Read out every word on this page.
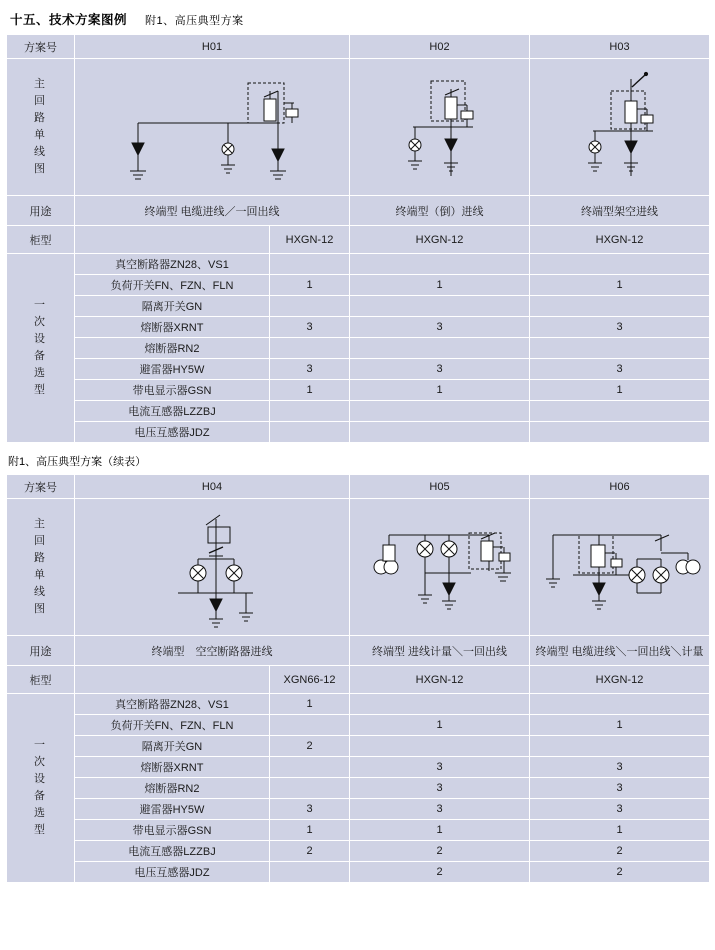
十五、技术方案图例 附1、高压典型方案
方案号	H01		H02	H03

主
回
路
单
线
图

用途	终端型 电缆进线／一回出线		终端型（倒）进线	终端型架空进线
柜型		HXGN-12	HXGN-12	HXGN-12

一
次
设
备
选
型
	真空断路器ZN28、VS1			
	负荷开关FN、FZN、FLN	1	1	1
	隔离开关GN			
	熔断器XRNT	3	3	3
	熔断器RN2			
	避雷器HY5W	3	3	3
	带电显示器GSN	1	1	1
	电流互感器LZZBJ			
	电压互感器JDZ			
附1、高压典型方案（续表）
方案号	H04		H05	H06

主
回
路
单
线
图

用途	终端型　空空断路器进线		终端型 进线计量＼一回出线	终端型 电缆进线＼一回出线＼计量
柜型		XGN66-12	HXGN-12	HXGN-12

一
次
设
备
选
型
	真空断路器ZN28、VS1	1		
	负荷开关FN、FZN、FLN		1	1
	隔离开关GN	2		
	熔断器XRNT		3	3
	熔断器RN2		3	3
	避雷器HY5W	3	3	3
	带电显示器GSN	1	1	1
	电流互感器LZZBJ	2	2	2
	电压互感器JDZ		2	2
